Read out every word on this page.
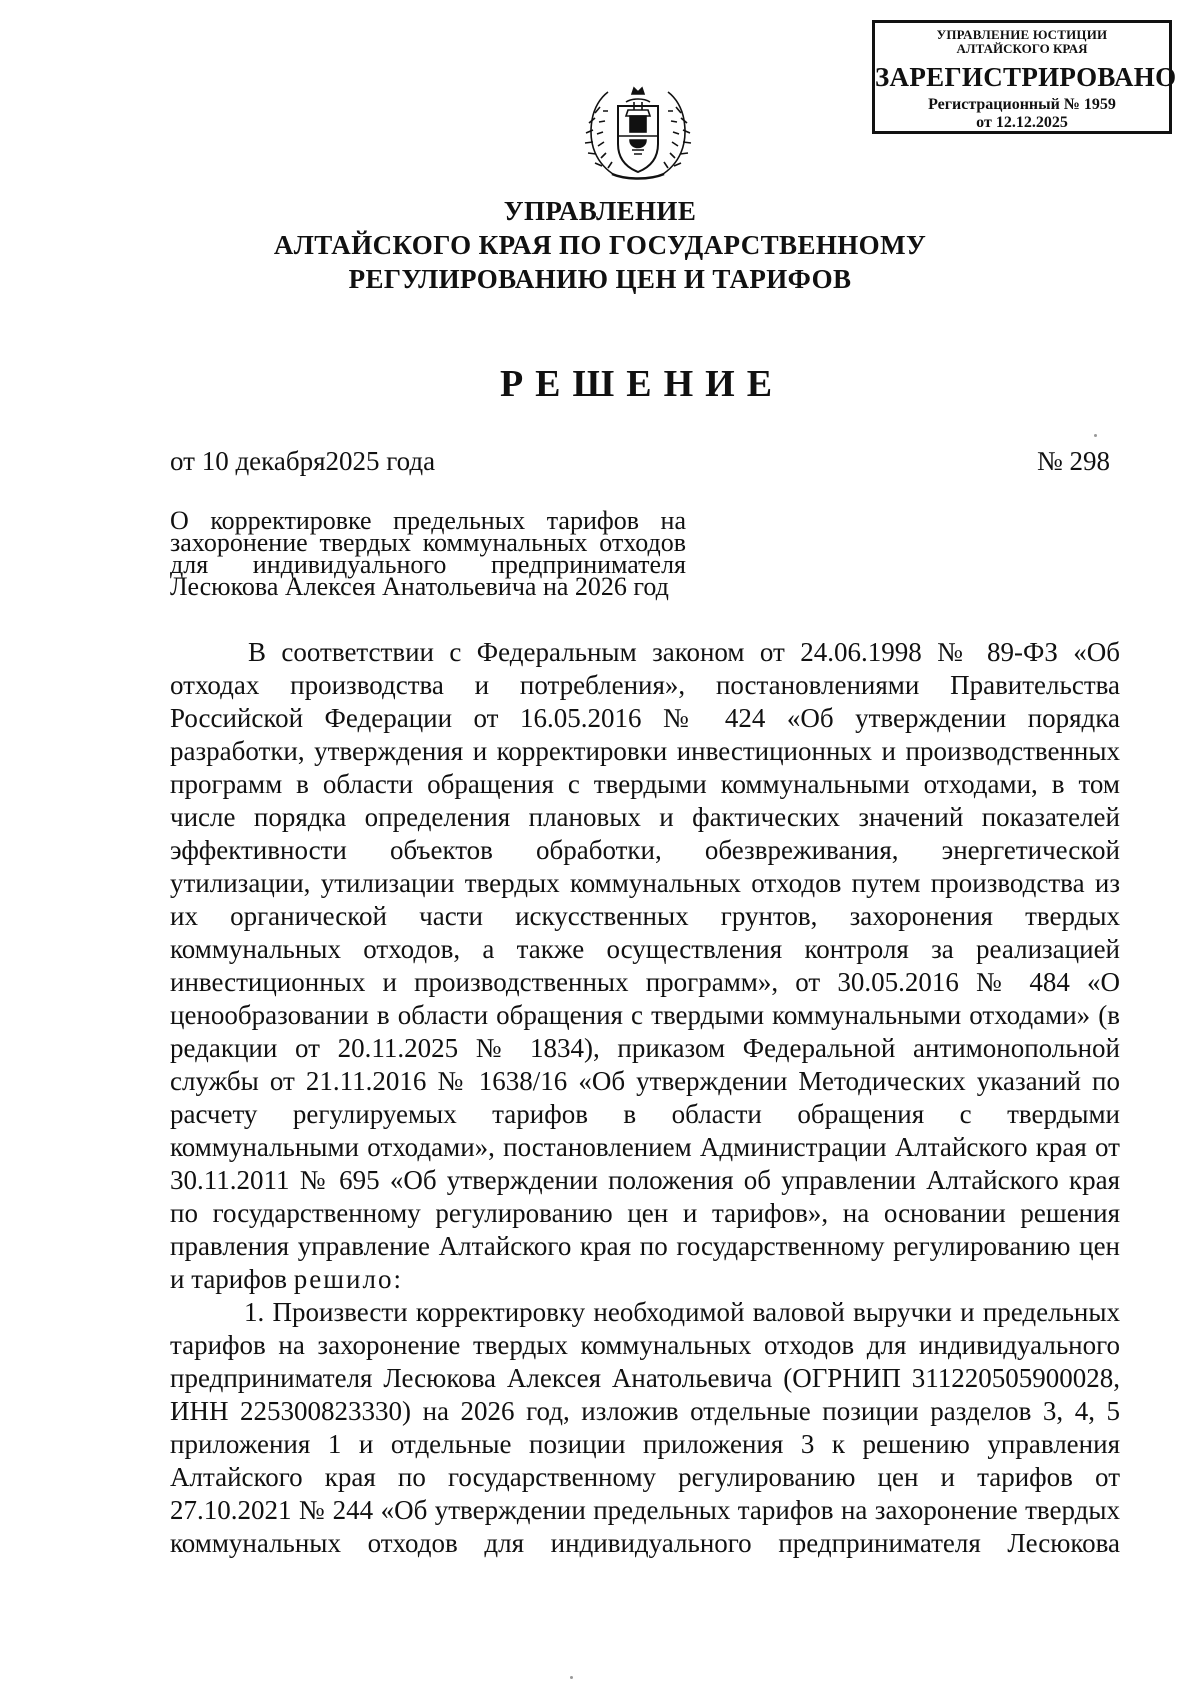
УПРАВЛЕНИЕ ЮСТИЦИИ
АЛТАЙСКОГО КРАЯ
ЗАРЕГИСТРИРОВАНО
Регистрационный № 1959
от 12.12.2025
УПРАВЛЕНИЕ
АЛТАЙСКОГО КРАЯ ПО ГОСУДАРСТВЕННОМУ
РЕГУЛИРОВАНИЮ ЦЕН И ТАРИФОВ
РЕШЕНИЕ
от 10 декабря2025 года	№ 298
О корректировке предельных тарифов на
захоронение твердых коммунальных отходов
для индивидуального предпринимателя
Лесюкова Алексея Анатольевича на 2026 год
В соответствии с Федеральным законом от 24.06.1998 № 89-ФЗ «Об
отходах производства и потребления», постановлениями Правительства
Российской Федерации от 16.05.2016 № 424 «Об утверждении порядка
разработки, утверждения и корректировки инвестиционных и производственных
программ в области обращения с твердыми коммунальными отходами, в том
числе порядка определения плановых и фактических значений показателей
эффективности объектов обработки, обезвреживания, энергетической
утилизации, утилизации твердых коммунальных отходов путем производства из
их органической части искусственных грунтов, захоронения твердых
коммунальных отходов, а также осуществления контроля за реализацией
инвестиционных и производственных программ», от 30.05.2016 № 484 «О
ценообразовании в области обращения с твердыми коммунальными отходами» (в
редакции от 20.11.2025 № 1834), приказом Федеральной антимонопольной
службы от 21.11.2016 № 1638/16 «Об утверждении Методических указаний по
расчету регулируемых тарифов в области обращения с твердыми
коммунальными отходами», постановлением Администрации Алтайского края от
30.11.2011 № 695 «Об утверждении положения об управлении Алтайского края
по государственному регулированию цен и тарифов», на основании решения
правления управление Алтайского края по государственному регулированию цен
и тарифов решило:
1. Произвести корректировку необходимой валовой выручки и предельных
тарифов на захоронение твердых коммунальных отходов для индивидуального
предпринимателя Лесюкова Алексея Анатольевича (ОГРНИП 311220505900028,
ИНН 225300823330) на 2026 год, изложив отдельные позиции разделов 3, 4, 5
приложения 1 и отдельные позиции приложения 3 к решению управления
Алтайского края по государственному регулированию цен и тарифов от
27.10.2021 № 244 «Об утверждении предельных тарифов на захоронение твердых
коммунальных отходов для индивидуального предпринимателя Лесюкова
